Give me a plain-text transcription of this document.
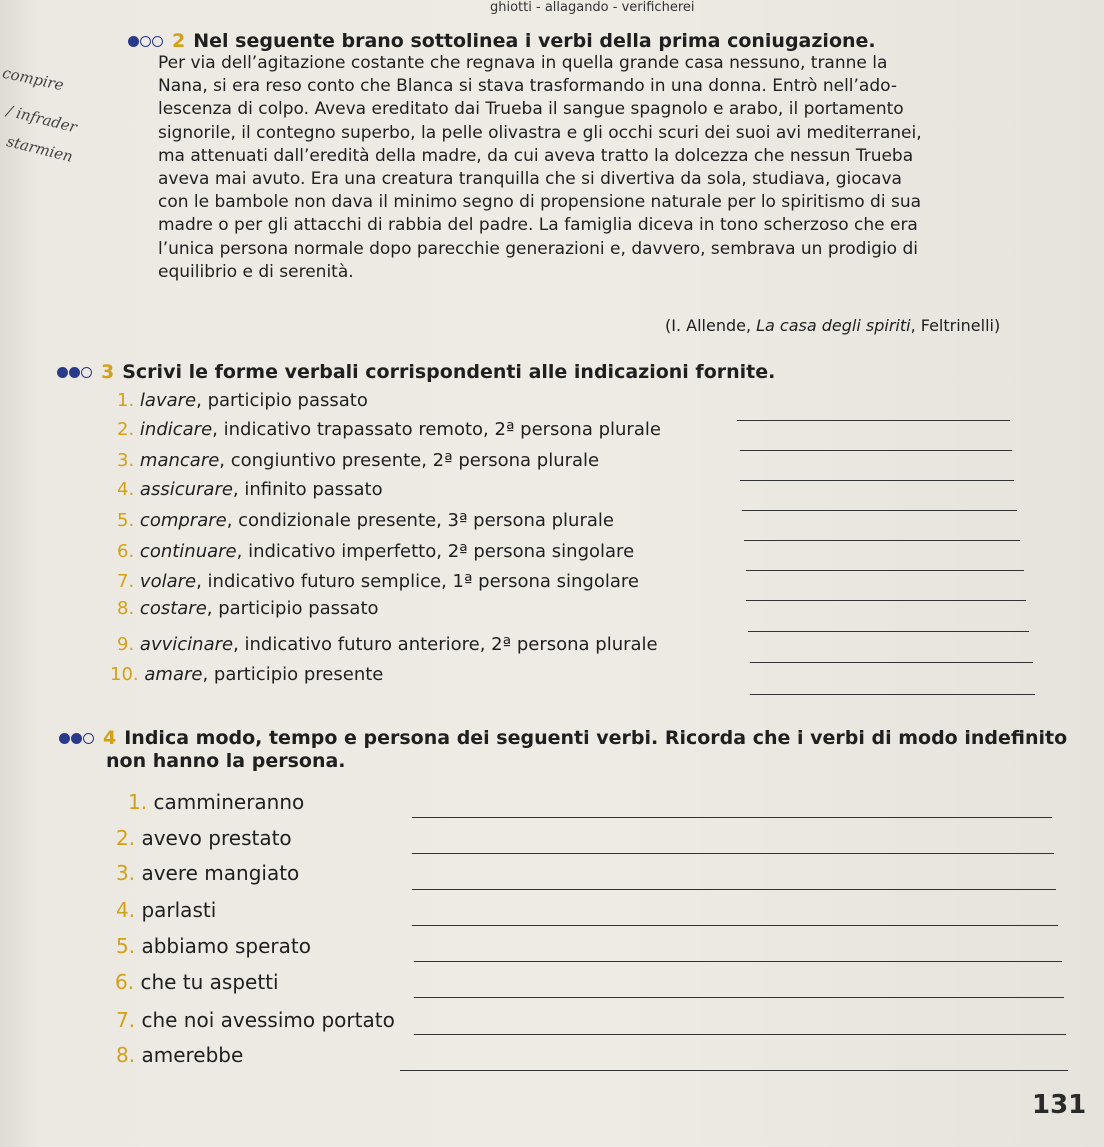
ghiotti - allagando - verificherei
compire
/ infrader
starmien
2 Nel seguente brano sottolinea i verbi della prima coniugazione.

Per via dell’agitazione costante che regnava in quella grande casa nessuno, tranne la

Nana, si era reso conto che Blanca si stava trasformando in una donna. Entrò nell’ado-

lescenza di colpo. Aveva ereditato dai Trueba il sangue spagnolo e arabo, il portamento

signorile, il contegno superbo, la pelle olivastra e gli occhi scuri dei suoi avi mediterranei,

ma attenuati dall’eredità della madre, da cui aveva tratto la dolcezza che nessun Trueba

aveva mai avuto. Era una creatura tranquilla che si divertiva da sola, studiava, giocava

con le bambole non dava il minimo segno di propensione naturale per lo spiritismo di sua

madre o per gli attacchi di rabbia del padre. La famiglia diceva in tono scherzoso che era

l’unica persona normale dopo parecchie generazioni e, davvero, sembrava un prodigio di

equilibrio e di serenità.

(I. Allende, La casa degli spiriti, Feltrinelli)
3 Scrivi le forme verbali corrispondenti alle indicazioni fornite.
1. lavare, participio passato
2. indicare, indicativo trapassato remoto, 2ª persona plurale
3. mancare, congiuntivo presente, 2ª persona plurale
4. assicurare, infinito passato
5. comprare, condizionale presente, 3ª persona plurale
6. continuare, indicativo imperfetto, 2ª persona singolare
7. volare, indicativo futuro semplice, 1ª persona singolare
8. costare, participio passato
9. avvicinare, indicativo futuro anteriore, 2ª persona plurale
10. amare, participio presente
4 Indica modo, tempo e persona dei seguenti verbi. Ricorda che i verbi di modo indefinito
non hanno la persona.
1. cammineranno
2. avevo prestato
3. avere mangiato
4. parlasti
5. abbiamo sperato
6. che tu aspetti
7. che noi avessimo portato
8. amerebbe
131
